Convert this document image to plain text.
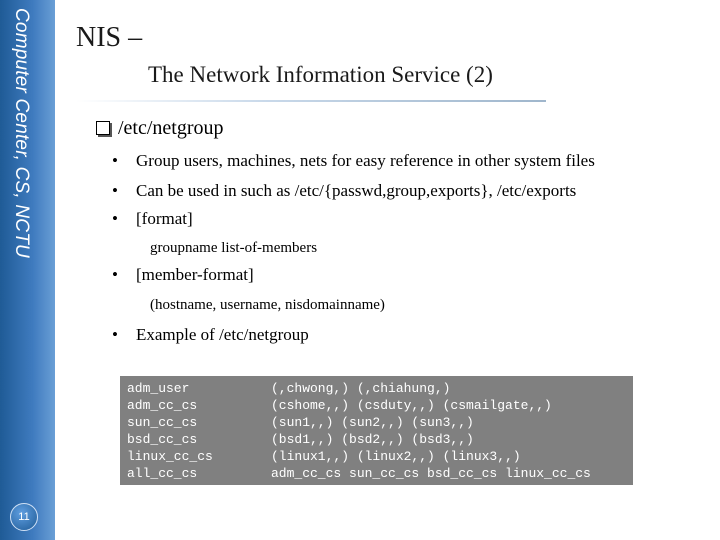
Computer Center, CS, NCTU
11
NIS –
The Network Information Service (2)
/etc/netgroup
• Group users, machines, nets for easy reference in other system files
• Can be used in such as /etc/{passwd,group,exports}, /etc/exports
• [format]
groupname list-of-members
• [member-format]
(hostname, username, nisdomainname)
• Example of /etc/netgroup
adm_user
adm_cc_cs
sun_cc_cs
bsd_cc_cs
linux_cc_cs
all_cc_cs
(,chwong,) (,chiahung,)
(cshome,,) (csduty,,) (csmailgate,,)
(sun1,,) (sun2,,) (sun3,,)
(bsd1,,) (bsd2,,) (bsd3,,)
(linux1,,) (linux2,,) (linux3,,)
adm_cc_cs sun_cc_cs bsd_cc_cs linux_cc_cs
